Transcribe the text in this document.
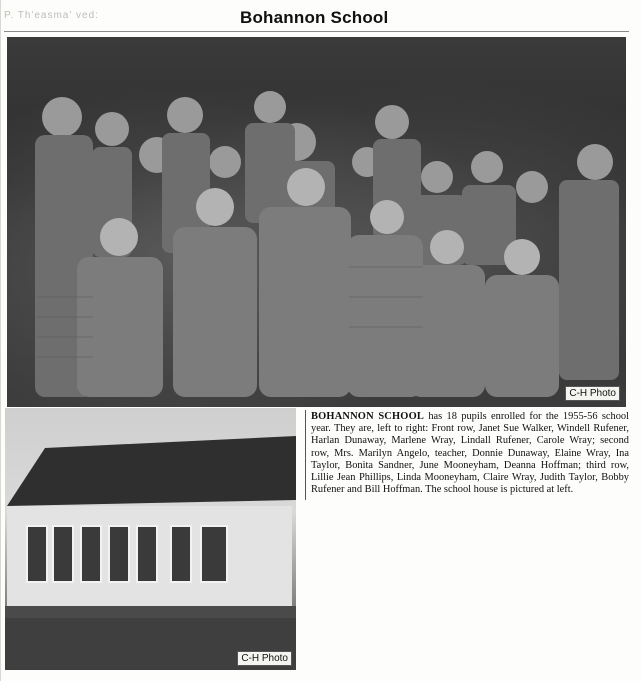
P. Th'easma' ved:	Bohannon School
C-H Photo
C-H Photo
BOHANNON SCHOOL has 18 pupils enrolled for the 1955-56 school year. They are, left to right: Front row, Janet Sue Walker, Windell Rufener, Harlan Dunaway, Marlene Wray, Lindall Rufener, Carole Wray; second row, Mrs. Marilyn Angelo, teacher, Donnie Dunaway, Elaine Wray, Ina Taylor, Bonita Sandner, June Mooneyham, Deanna Hoffman; third row, Lillie Jean Phillips, Linda Mooneyham, Claire Wray, Judith Taylor, Bobby Rufener and Bill Hoffman. The school house is pictured at left.
